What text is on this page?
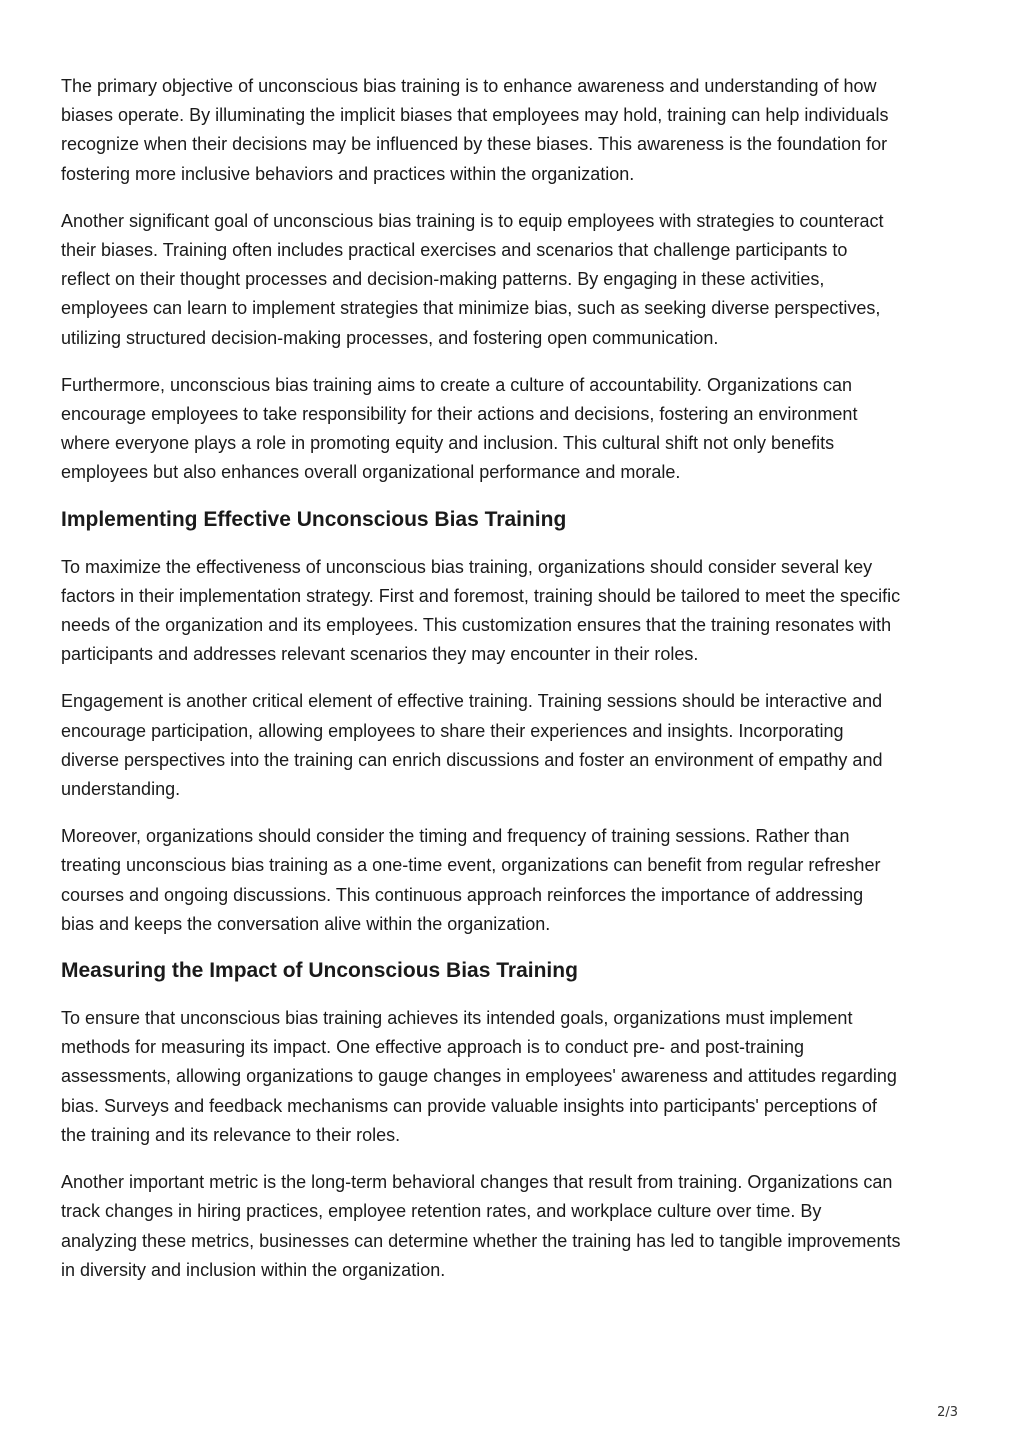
The primary objective of unconscious bias training is to enhance awareness and understanding of how
biases operate. By illuminating the implicit biases that employees may hold, training can help individuals
recognize when their decisions may be influenced by these biases. This awareness is the foundation for
fostering more inclusive behaviors and practices within the organization.

Another significant goal of unconscious bias training is to equip employees with strategies to counteract
their biases. Training often includes practical exercises and scenarios that challenge participants to
reflect on their thought processes and decision-making patterns. By engaging in these activities,
employees can learn to implement strategies that minimize bias, such as seeking diverse perspectives,
utilizing structured decision-making processes, and fostering open communication.

Furthermore, unconscious bias training aims to create a culture of accountability. Organizations can
encourage employees to take responsibility for their actions and decisions, fostering an environment
where everyone plays a role in promoting equity and inclusion. This cultural shift not only benefits
employees but also enhances overall organizational performance and morale.

Implementing Effective Unconscious Bias Training

To maximize the effectiveness of unconscious bias training, organizations should consider several key
factors in their implementation strategy. First and foremost, training should be tailored to meet the specific
needs of the organization and its employees. This customization ensures that the training resonates with
participants and addresses relevant scenarios they may encounter in their roles.

Engagement is another critical element of effective training. Training sessions should be interactive and
encourage participation, allowing employees to share their experiences and insights. Incorporating
diverse perspectives into the training can enrich discussions and foster an environment of empathy and
understanding.

Moreover, organizations should consider the timing and frequency of training sessions. Rather than
treating unconscious bias training as a one-time event, organizations can benefit from regular refresher
courses and ongoing discussions. This continuous approach reinforces the importance of addressing
bias and keeps the conversation alive within the organization.

Measuring the Impact of Unconscious Bias Training

To ensure that unconscious bias training achieves its intended goals, organizations must implement
methods for measuring its impact. One effective approach is to conduct pre- and post-training
assessments, allowing organizations to gauge changes in employees' awareness and attitudes regarding
bias. Surveys and feedback mechanisms can provide valuable insights into participants' perceptions of
the training and its relevance to their roles.

Another important metric is the long-term behavioral changes that result from training. Organizations can
track changes in hiring practices, employee retention rates, and workplace culture over time. By
analyzing these metrics, businesses can determine whether the training has led to tangible improvements
in diversity and inclusion within the organization.

2/3
